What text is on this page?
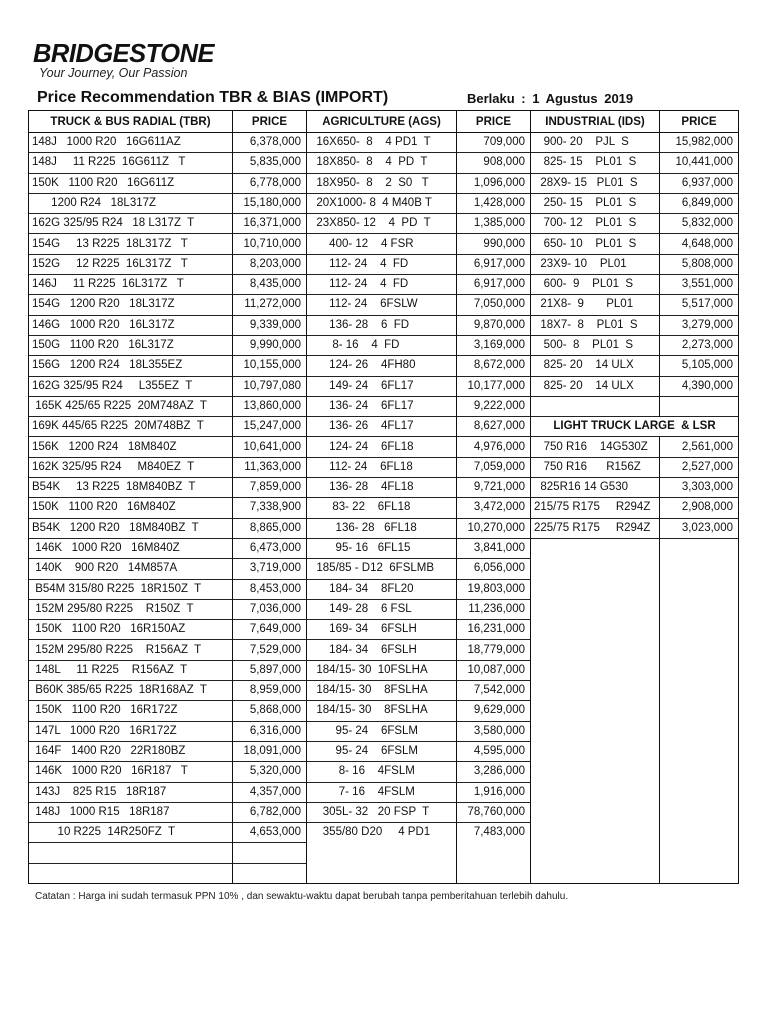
BRIDGESTONE
Your Journey, Our Passion
Price Recommendation TBR & BIAS (IMPORT)	Berlaku : 1 Agustus 2019
TRUCK & BUS RADIAL (TBR)
148J   1000 R20   16G611AZ
148J     11 R225  16G611Z   T
150K   1100 R20   16G611Z
1200 R24   18L317Z
162G 325/95 R24   18 L317Z  T
154G     13 R225  18L317Z   T
152G     12 R225  16L317Z   T
146J     11 R225  16L317Z   T
154G   1200 R20   18L317Z
146G   1000 R20   16L317Z
150G   1100 R20   16L317Z
156G   1200 R24   18L355EZ
162G 325/95 R24     L355EZ  T
165K 425/65 R225  20M748AZ  T
169K 445/65 R225  20M748BZ  T
156K   1200 R24   18M840Z
162K 325/95 R24     M840EZ  T
B54K     13 R225  18M840BZ  T
150K   1100 R20   16M840Z
B54K   1200 R20   18M840BZ  T
146K   1000 R20   16M840Z
140K    900 R20   14M857A
B54M 315/80 R225  18R150Z  T
152M 295/80 R225    R150Z  T
150K   1100 R20   16R150AZ
152M 295/80 R225    R156AZ  T
148L     11 R225    R156AZ  T
B60K 385/65 R225  18R168AZ  T
150K   1100 R20   16R172Z
147L   1000 R20   16R172Z
164F   1400 R20   22R180BZ
146K   1000 R20   16R187   T
143J    825 R15   18R187
148J   1000 R15   18R187
10 R225  14R250FZ  T
PRICE
6,378,000
5,835,000
6,778,000
15,180,000
16,371,000
10,710,000
8,203,000
8,435,000
11,272,000
9,339,000
9,990,000
10,155,000
10,797,080
13,860,000
15,247,000
10,641,000
11,363,000
7,859,000
7,338,900
8,865,000
6,473,000
3,719,000
8,453,000
7,036,000
7,649,000
7,529,000
5,897,000
8,959,000
5,868,000
6,316,000
18,091,000
5,320,000
4,357,000
6,782,000
4,653,000
AGRICULTURE (AGS)
16X650-  8    4 PD1  T
18X850-  8    4  PD  T
18X950-  8    2  S0   T
20X1000- 8  4 M40B T
23X850- 12    4  PD  T
400- 12    4 FSR
112- 24    4  FD
112- 24    4  FD
112- 24    6FSLW
136- 28    6  FD
8- 16    4  FD
124- 26    4FH80
149- 24    6FL17
136- 24    6FL17
136- 26    4FL17
124- 24    6FL18
112- 24    6FL18
136- 28    4FL18
83- 22    6FL18
136- 28   6FL18
95- 16   6FL15
185/85 - D12  6FSLMB
184- 34    8FL20
149- 28    6 FSL
169- 34    6FSLH
184- 34    6FSLH
184/15- 30  10FSLHA
184/15- 30    8FSLHA
184/15- 30    8FSLHA
95- 24    6FSLM
95- 24    6FSLM
8- 16    4FSLM
7- 16    4FSLM
305L- 32   20 FSP  T
355/80 D20     4 PD1
PRICE
709,000
908,000
1,096,000
1,428,000
1,385,000
990,000
6,917,000
6,917,000
7,050,000
9,870,000
3,169,000
8,672,000
10,177,000
9,222,000
8,627,000
4,976,000
7,059,000
9,721,000
3,472,000
10,270,000
3,841,000
6,056,000
19,803,000
11,236,000
16,231,000
18,779,000
10,087,000
7,542,000
9,629,000
3,580,000
4,595,000
3,286,000
1,916,000
78,760,000
7,483,000
INDUSTRIAL (IDS)
900- 20    PJL  S
825- 15    PL01  S
28X9- 15   PL01  S
250- 15    PL01  S
700- 12    PL01  S
650- 10    PL01  S
23X9- 10    PL01
600-  9    PL01  S
21X8-  9       PL01
18X7-  8    PL01  S
500-  8    PL01  S
825- 20    14 ULX
825- 20    14 ULX
LIGHT TRUCK LARGE  & LSR
750 R16    14G530Z
750 R16      R156Z
825R16 14 G530
215/75 R175     R294Z
225/75 R175     R294Z
PRICE
15,982,000
10,441,000
6,937,000
6,849,000
5,832,000
4,648,000
5,808,000
3,551,000
5,517,000
3,279,000
2,273,000
5,105,000
4,390,000
2,561,000
2,527,000
3,303,000
2,908,000
3,023,000
Catatan : Harga ini sudah termasuk PPN 10% , dan sewaktu-waktu dapat berubah tanpa pemberitahuan terlebih dahulu.
